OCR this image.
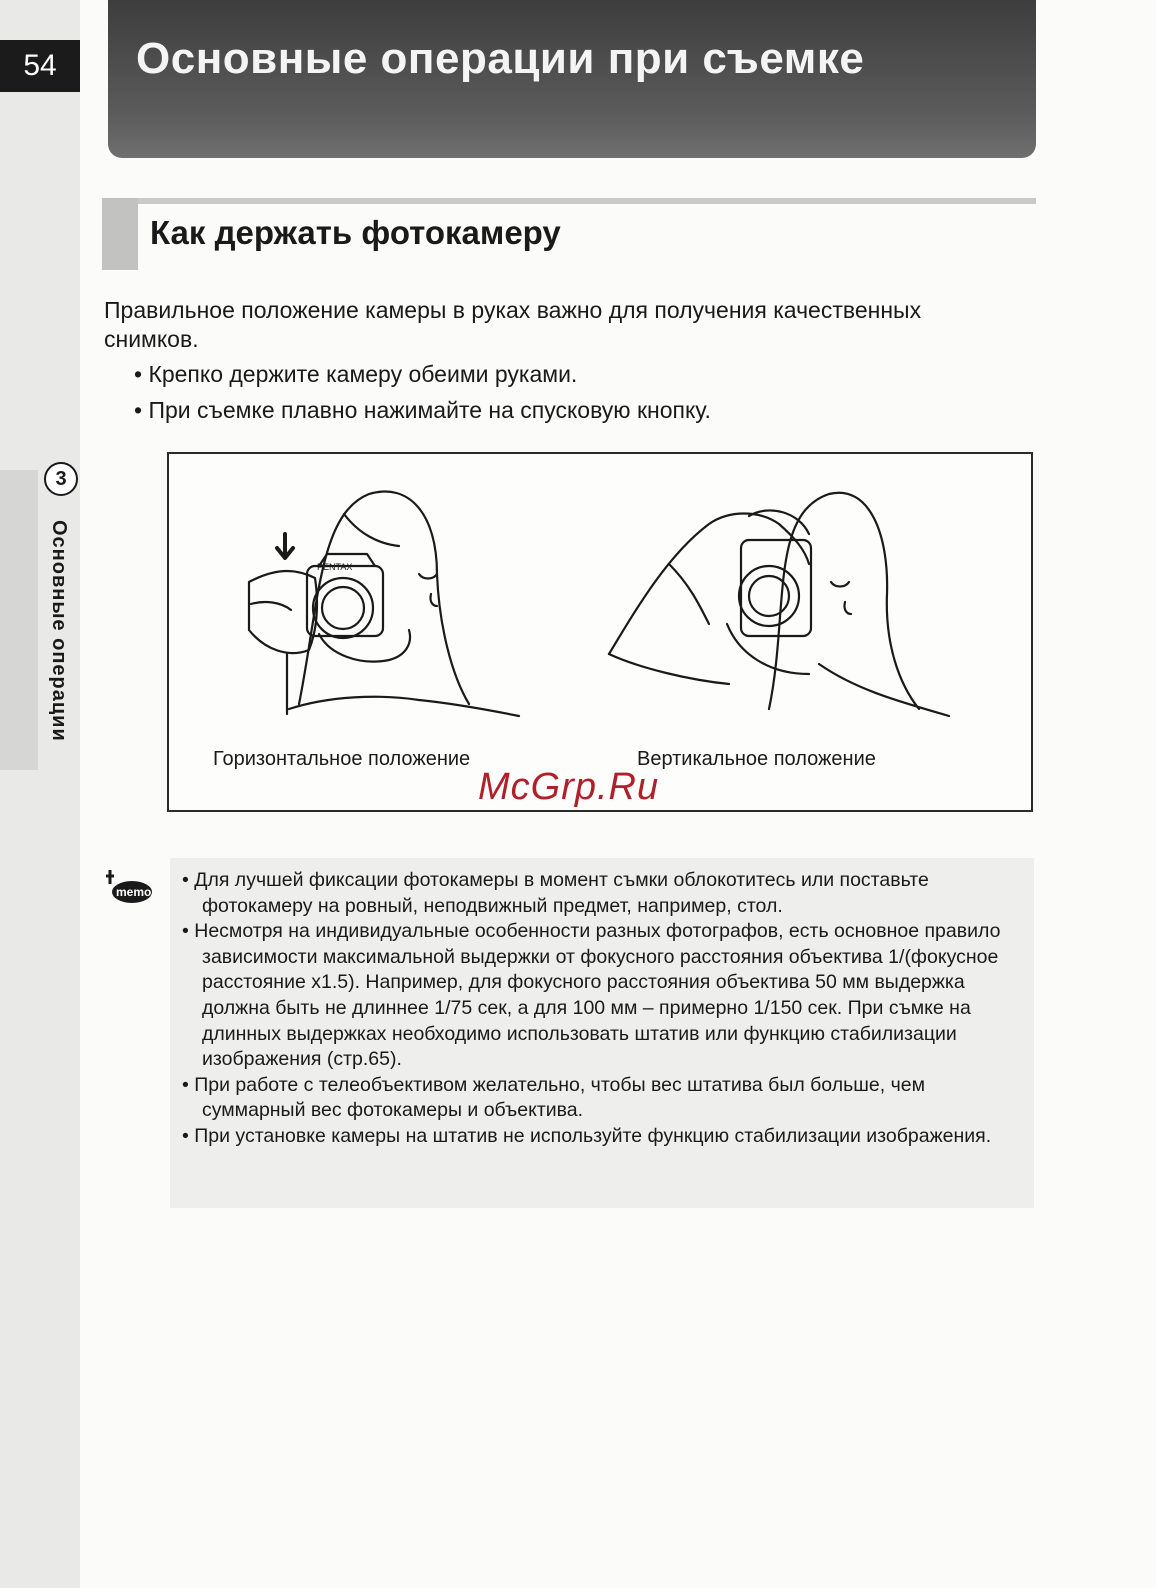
54
3
Основные операции
Основные операции при съемке
Как держать фотокамеру
Правильное положение камеры в руках важно для получения качественных снимков.
• Крепко держите камеру обеими руками.
• При съемке плавно нажимайте на спусковую кнопку.
PENTAX
Горизонтальное положение	Вертикальное положение
McGrp.Ru
memo
• Для лучшей фиксации фотокамеры в момент съмки облокотитесь или поставьте фотокамеру на ровный, неподвижный предмет, например, стол.
• Несмотря на индивидуальные особенности разных фотографов, есть основное правило зависимости максимальной выдержки от фокусного расстояния объектива 1/(фокусное расстояние x1.5). Например, для фокусного расстояния объектива 50 мм выдержка должна быть не длиннее 1/75 сек, а для 100 мм – примерно 1/150 сек. При съмке на длинных выдержках необходимо использовать штатив или функцию стабилизации изображения (стр.65).
• При работе с телеобъективом желательно, чтобы вес штатива был больше, чем суммарный вес фотокамеры и объектива.
• При установке камеры на штатив не используйте функцию стабилизации изображения.
